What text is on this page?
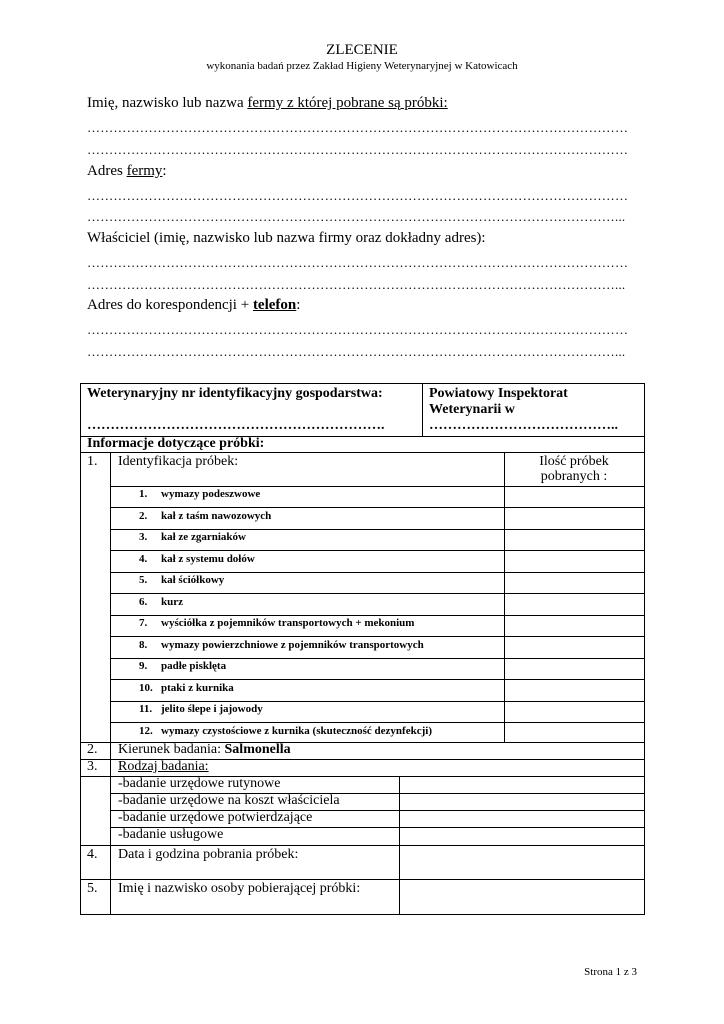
ZLECENIE
wykonania badań przez Zakład Higieny Weterynaryjnej w Katowicach
Imię, nazwisko lub nazwa fermy z której pobrane są próbki:
……………………………………………………………………………………………………………
……………………………………………………………………………………………………………
Adres fermy:
……………………………………………………………………………………………………………
…………………………………………………………………………………………………………...
Właściciel (imię, nazwisko lub nazwa firmy oraz dokładny adres):
……………………………………………………………………………………………………………
…………………………………………………………………………………………………………...
Adres do korespondencji + telefon:
……………………………………………………………………………………………………………
…………………………………………………………………………………………………………...
Weterynaryjny nr identyfikacyjny gospodarstwa:
……………………………………………………….
Powiatowy Inspektorat
Weterynarii w
…………………………………..
Informacje dotyczące próbki:
1. Identyfikacja próbek:	Ilość próbek
pobranych :
1. wymazy podeszwowe
2. kał z taśm nawozowych
3. kał ze zgarniaków
4. kał z systemu dołów
5. kał ściółkowy
6. kurz
7. wyściółka z pojemników transportowych + mekonium
8. wymazy powierzchniowe z pojemników transportowych
9. padłe pisklęta
10. ptaki z kurnika
11. jelito ślepe i jajowody
12. wymazy czystościowe z kurnika (skuteczność dezynfekcji)
2. Kierunek badania: Salmonella
3. Rodzaj badania:
-badanie urzędowe rutynowe
-badanie urzędowe na koszt właściciela
-badanie urzędowe potwierdzające
-badanie usługowe
4. Data i godzina pobrania próbek:
5. Imię i nazwisko osoby pobierającej próbki:
Strona 1 z 3
